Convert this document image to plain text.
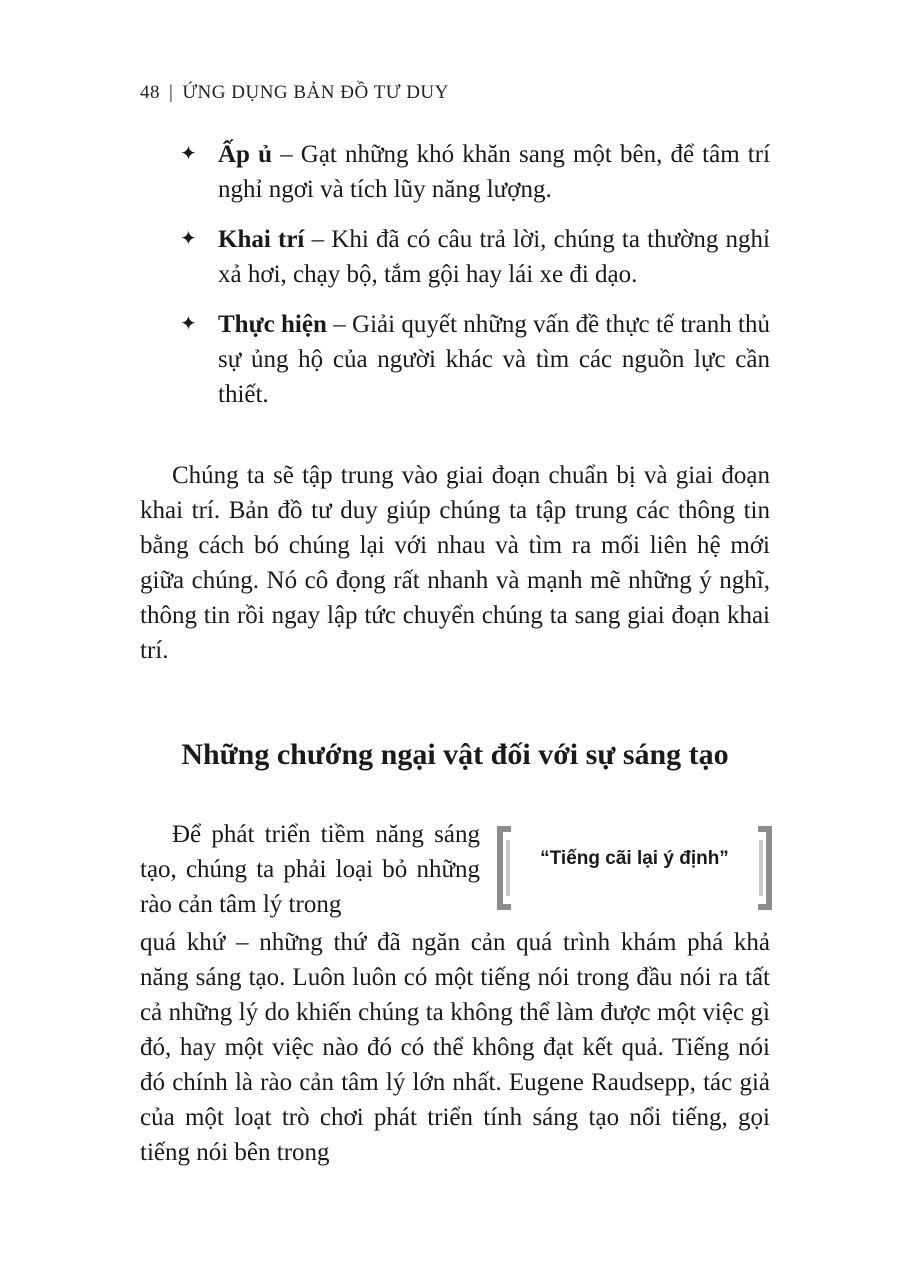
48 | ỨNG DỤNG BẢN ĐỒ TƯ DUY
✦ Ấp ủ – Gạt những khó khăn sang một bên, để tâm trí nghỉ ngơi và tích lũy năng lượng.
✦ Khai trí – Khi đã có câu trả lời, chúng ta thường nghỉ xả hơi, chạy bộ, tắm gội hay lái xe đi dạo.
✦ Thực hiện – Giải quyết những vấn đề thực tế tranh thủ sự ủng hộ của người khác và tìm các nguồn lực cần thiết.

Chúng ta sẽ tập trung vào giai đoạn chuẩn bị và giai đoạn khai trí. Bản đồ tư duy giúp chúng ta tập trung các thông tin bằng cách bó chúng lại với nhau và tìm ra mối liên hệ mới giữa chúng. Nó cô đọng rất nhanh và mạnh mẽ những ý nghĩ, thông tin rồi ngay lập tức chuyển chúng ta sang giai đoạn khai trí.

Những chướng ngại vật đối với sự sáng tạo

Để phát triển tiềm năng sáng tạo, chúng ta phải loại bỏ những rào cản tâm lý trong

“Tiếng cãi lại ý định”

quá khứ – những thứ đã ngăn cản quá trình khám phá khả năng sáng tạo. Luôn luôn có một tiếng nói trong đầu nói ra tất cả những lý do khiến chúng ta không thể làm được một việc gì đó, hay một việc nào đó có thể không đạt kết quả. Tiếng nói đó chính là rào cản tâm lý lớn nhất. Eugene Raudsepp, tác giả của một loạt trò chơi phát triển tính sáng tạo nổi tiếng, gọi tiếng nói bên trong
